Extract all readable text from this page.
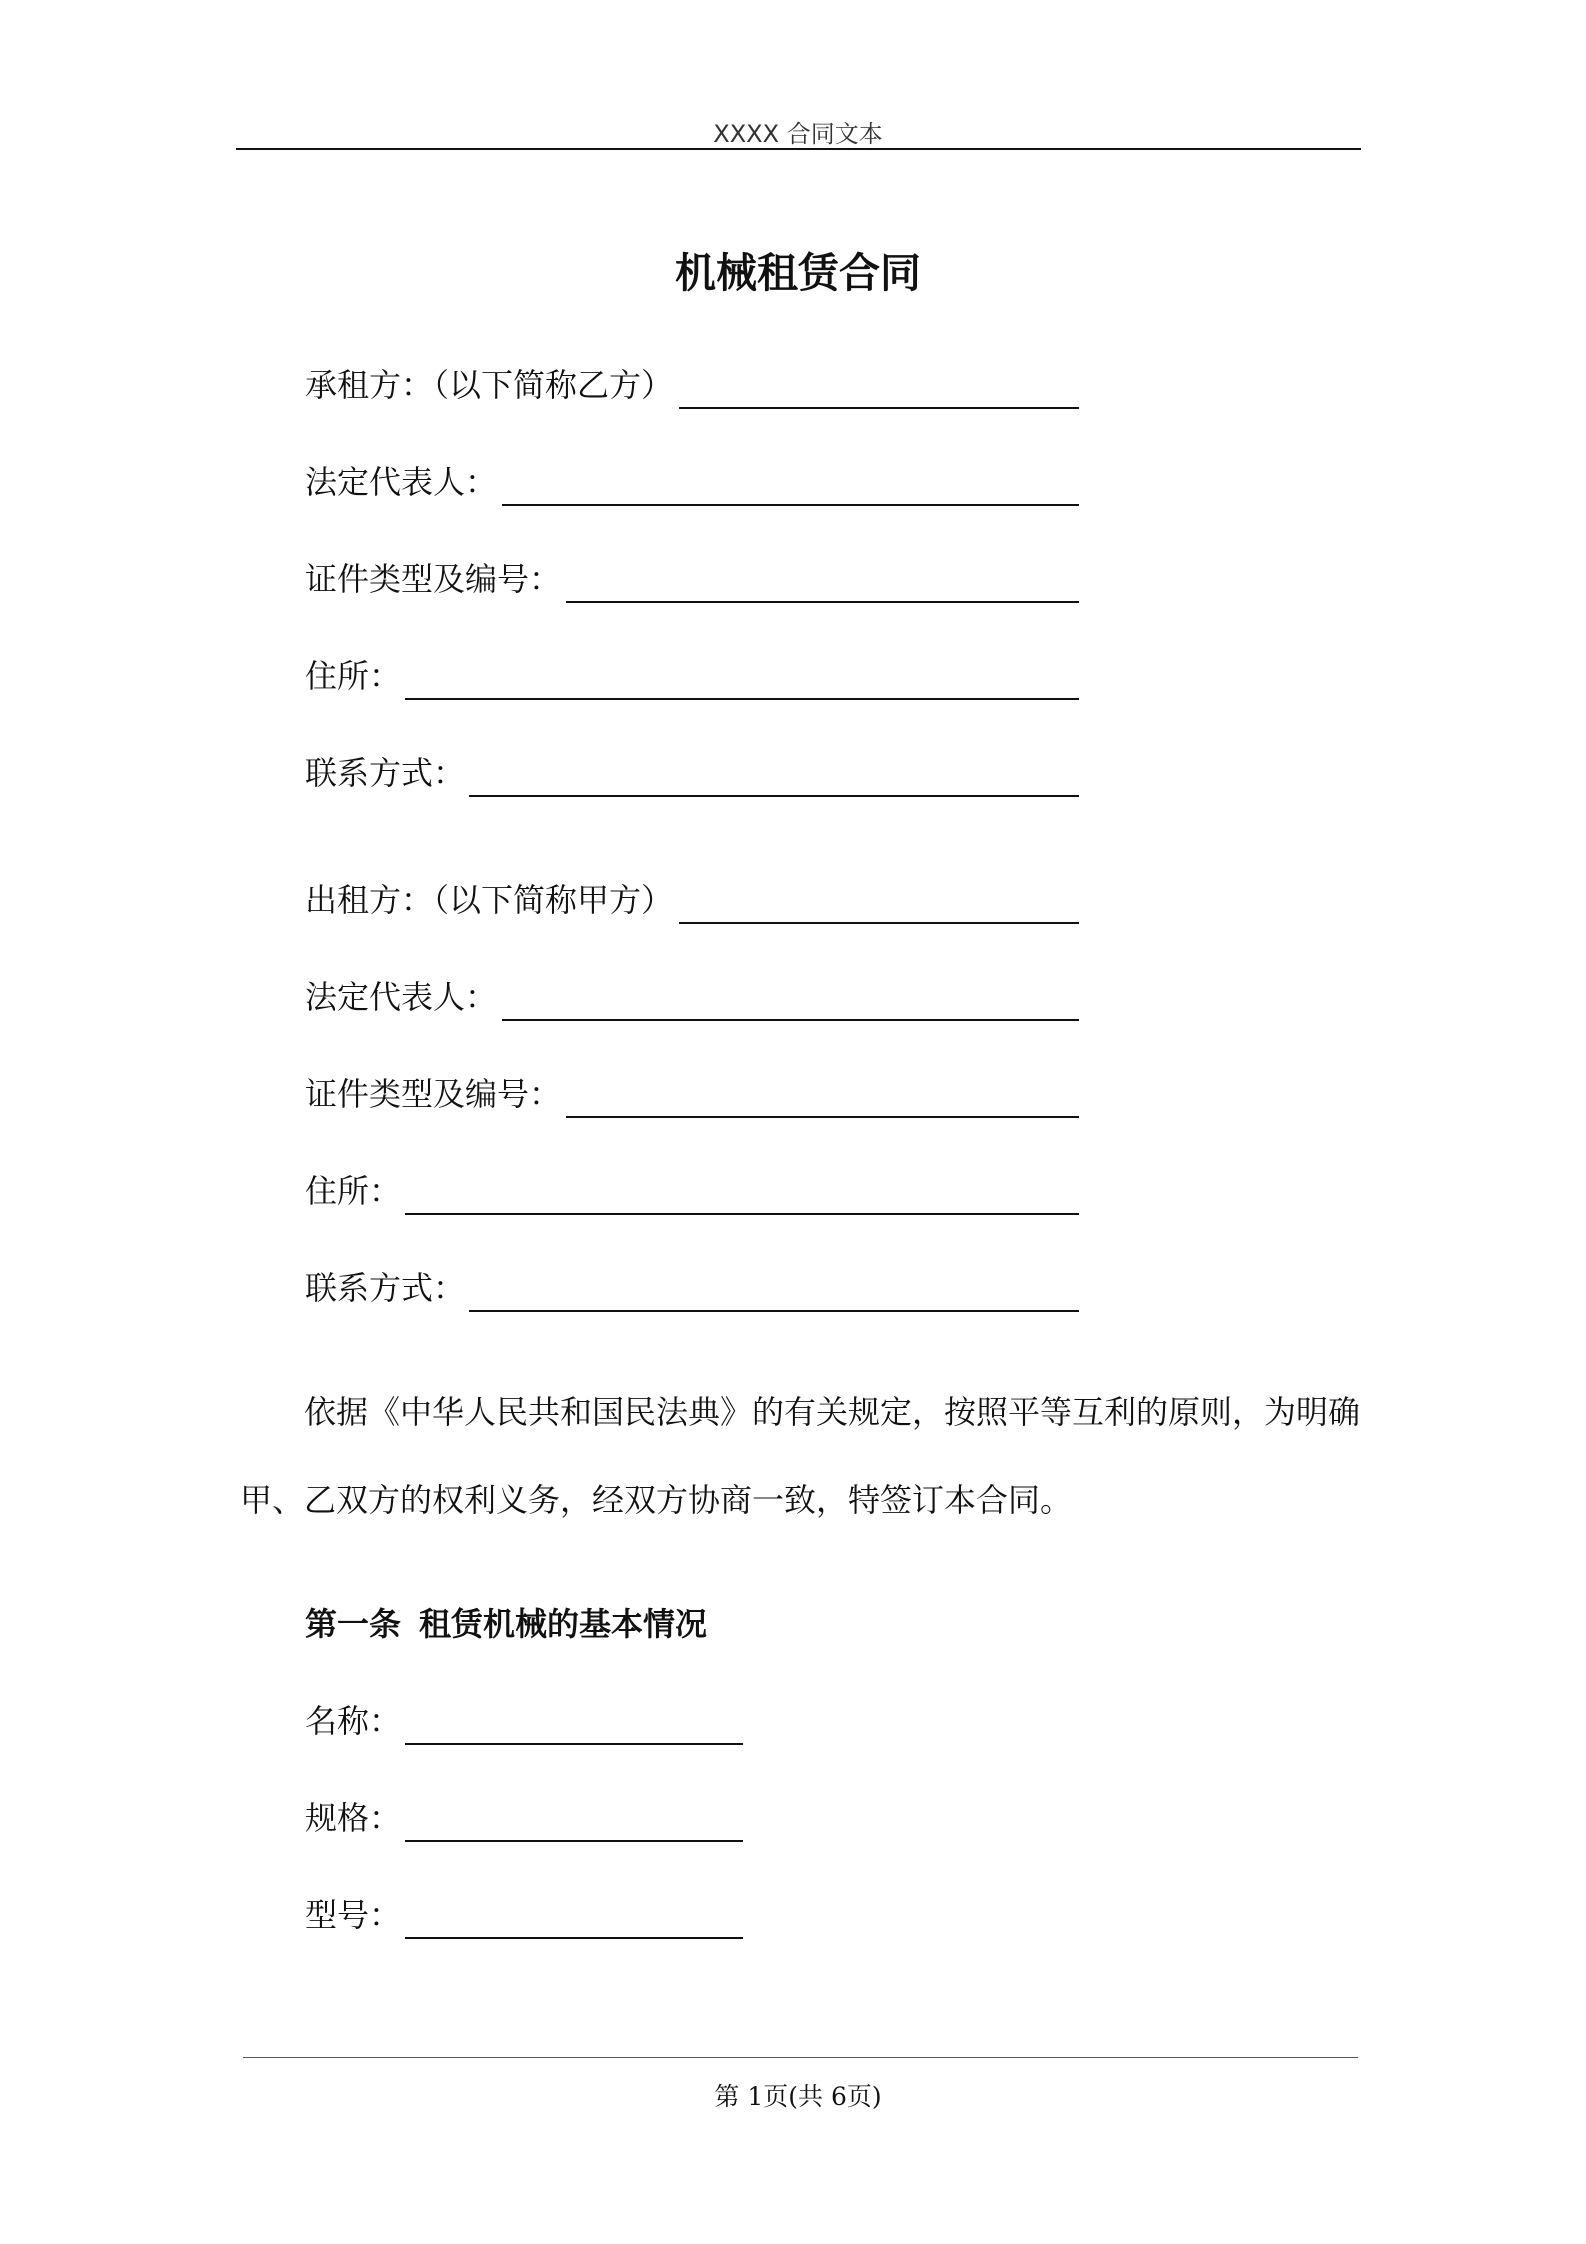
XXXX 合同文本
机械租赁合同
承租方：（以下简称乙方）
法定代表人：
证件类型及编号：
住所：
联系方式：
出租方：（以下简称甲方）
法定代表人：
证件类型及编号：
住所：
联系方式：

依据《中华人民共和国民法典》的有关规定，按照平等互利的原则，为明确

甲、乙双方的权利义务，经双方协商一致，特签订本合同。

第一条 租赁机械的基本情况
名称：
规格：
型号：
第 1页(共 6页)
